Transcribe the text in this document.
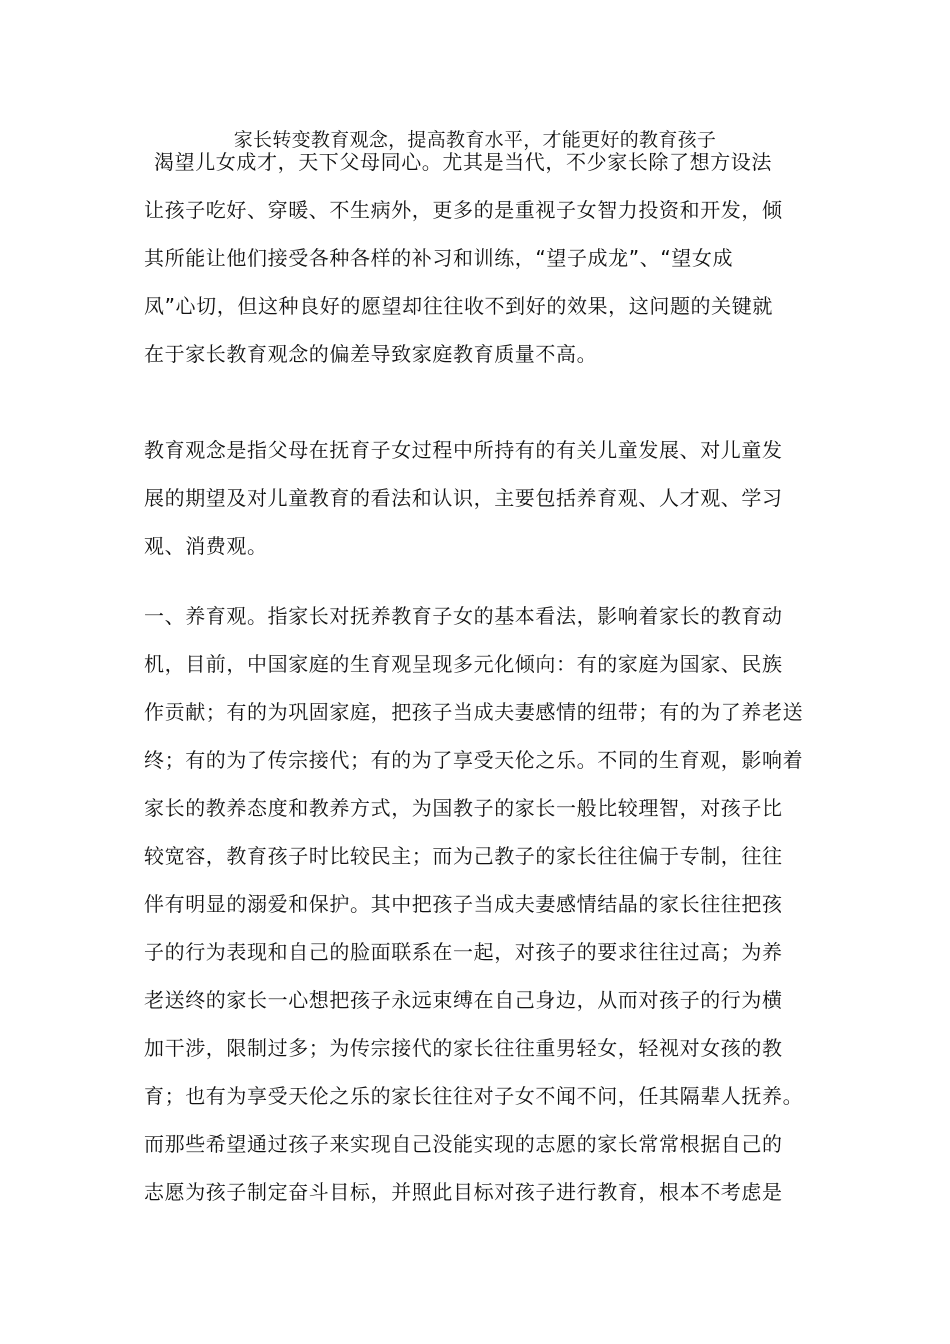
家长转变教育观念，提高教育水平，才能更好的教育孩子
渴望儿女成才，天下父母同心。尤其是当代，不少家长除了想方设法
让孩子吃好、穿暖、不生病外，更多的是重视子女智力投资和开发，倾
其所能让他们接受各种各样的补习和训练，“望子成龙”、“望女成
凤”心切，但这种良好的愿望却往往收不到好的效果，这问题的关键就
在于家长教育观念的偏差导致家庭教育质量不高。
教育观念是指父母在抚育子女过程中所持有的有关儿童发展、对儿童发
展的期望及对儿童教育的看法和认识，主要包括养育观、人才观、学习
观、消费观。
一、养育观。指家长对抚养教育子女的基本看法，影响着家长的教育动
机，目前，中国家庭的生育观呈现多元化倾向：有的家庭为国家、民族
作贡献；有的为巩固家庭，把孩子当成夫妻感情的纽带；有的为了养老送
终；有的为了传宗接代；有的为了享受天伦之乐。不同的生育观，影响着
家长的教养态度和教养方式，为国教子的家长一般比较理智，对孩子比
较宽容，教育孩子时比较民主；而为己教子的家长往往偏于专制，往往
伴有明显的溺爱和保护。其中把孩子当成夫妻感情结晶的家长往往把孩
子的行为表现和自己的脸面联系在一起，对孩子的要求往往过高；为养
老送终的家长一心想把孩子永远束缚在自己身边，从而对孩子的行为横
加干涉，限制过多；为传宗接代的家长往往重男轻女，轻视对女孩的教
育；也有为享受天伦之乐的家长往往对子女不闻不问，任其隔辈人抚养。
而那些希望通过孩子来实现自己没能实现的志愿的家长常常根据自己的
志愿为孩子制定奋斗目标，并照此目标对孩子进行教育，根本不考虑是
